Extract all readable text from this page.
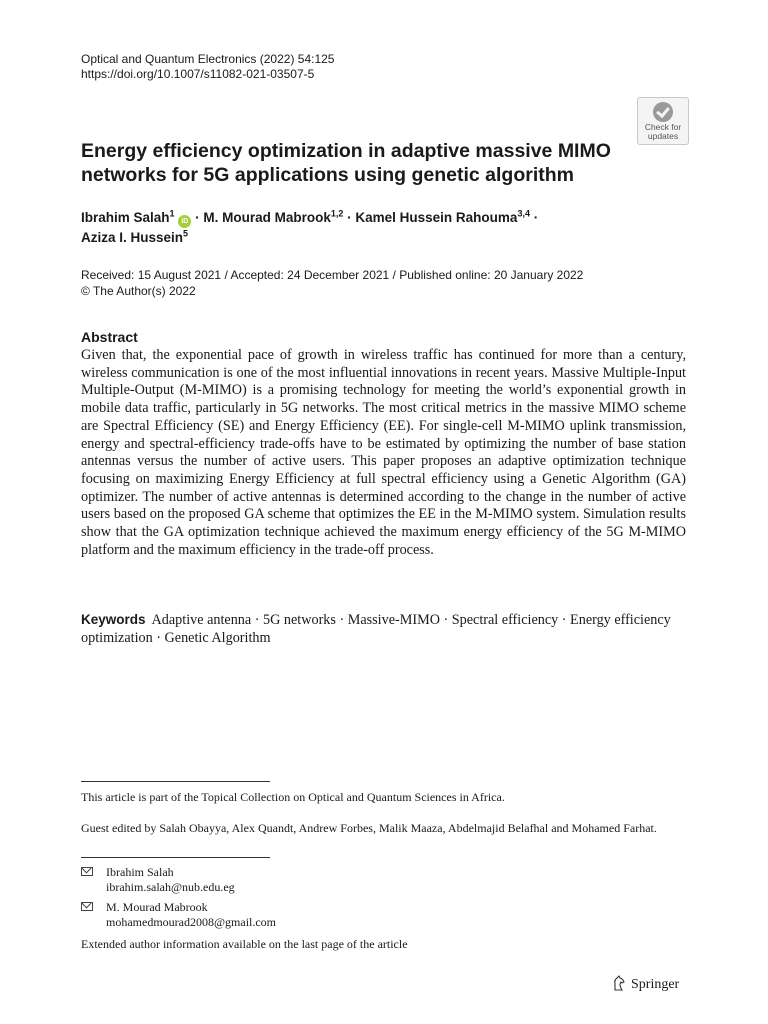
Optical and Quantum Electronics (2022) 54:125
https://doi.org/10.1007/s11082-021-03507-5
Check for
updates
Energy efficiency optimization in adaptive massive MIMO networks for 5G applications using genetic algorithm
Ibrahim Salah$^1$ iD · M. Mourad Mabrook$^{1,2}$ · Kamel Hussein Rahouma$^{3,4}$ ·
Aziza I. Hussein$^5$
Received: 15 August 2021 / Accepted: 24 December 2021 / Published online: 20 January 2022
© The Author(s) 2022
Abstract
Given that, the exponential pace of growth in wireless traffic has continued for more than a century, wireless communication is one of the most influential innovations in recent years. Massive Multiple-Input Multiple-Output (M-MIMO) is a promising technology for meeting the world’s exponential growth in mobile data traffic, particularly in 5G networks. The most critical metrics in the massive MIMO scheme are Spectral Efficiency (SE) and Energy Efficiency (EE). For single-cell M-MIMO uplink transmission, energy and spectral-efficiency trade-offs have to be estimated by optimizing the number of base station antennas versus the number of active users. This paper proposes an adaptive optimization technique focusing on maximizing Energy Efficiency at full spectral efficiency using a Genetic Algorithm (GA) optimizer. The number of active antennas is determined according to the change in the number of active users based on the proposed GA scheme that optimizes the EE in the M-MIMO system. Simulation results show that the GA optimization technique achieved the maximum energy efficiency of the 5G M-MIMO platform and the maximum efficiency in the trade-off process.
Keywords Adaptive antenna · 5G networks · Massive-MIMO · Spectral efficiency · Energy efficiency optimization · Genetic Algorithm
This article is part of the Topical Collection on Optical and Quantum Sciences in Africa.
Guest edited by Salah Obayya, Alex Quandt, Andrew Forbes, Malik Maaza, Abdelmajid Belafhal and Mohamed Farhat.
Ibrahim Salah
ibrahim.salah@nub.edu.eg
M. Mourad Mabrook
mohamedmourad2008@gmail.com
Extended author information available on the last page of the article
Springer
